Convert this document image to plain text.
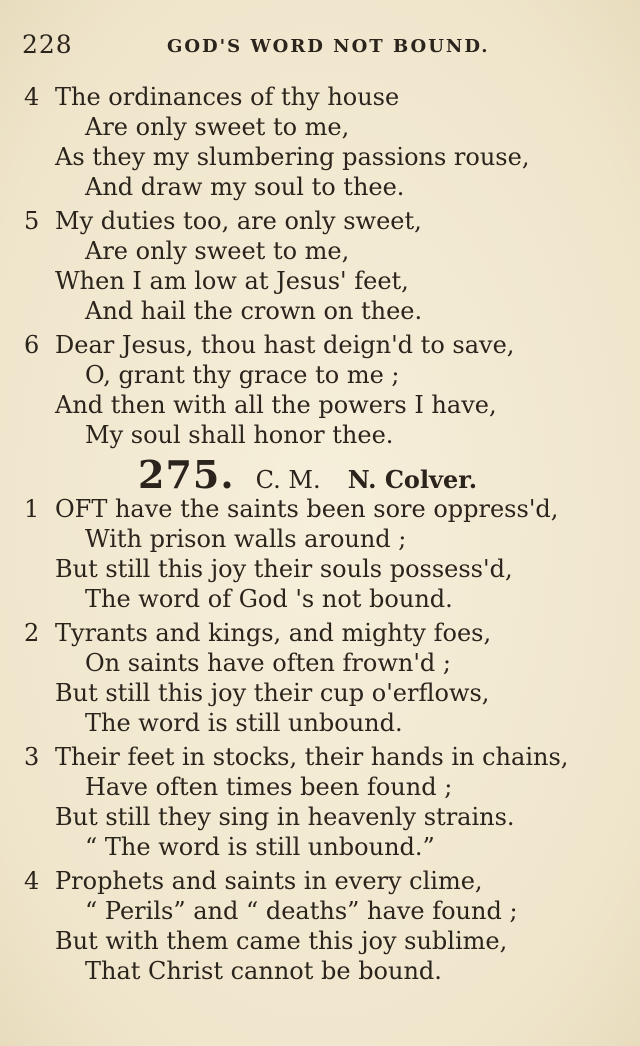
228	GOD'S WORD NOT BOUND.
4 The ordinances of thy house
Are only sweet to me,
As they my slumbering passions rouse,
And draw my soul to thee.
5 My duties too, are only sweet,
Are only sweet to me,
When I am low at Jesus' feet,
And hail the crown on thee.
6 Dear Jesus, thou hast deign'd to save,
O, grant thy grace to me ;
And then with all the powers I have,
My soul shall honor thee.
275. C. M. N. Colver.
1 OFT have the saints been sore oppress'd,
With prison walls around ;
But still this joy their souls possess'd,
The word of God 's not bound.
2 Tyrants and kings, and mighty foes,
On saints have often frown'd ;
But still this joy their cup o'erflows,
The word is still unbound.
3 Their feet in stocks, their hands in chains,
Have often times been found ;
But still they sing in heavenly strains.
“ The word is still unbound.”
4 Prophets and saints in every clime,
“ Perils” and “ deaths” have found ;
But with them came this joy sublime,
That Christ cannot be bound.
